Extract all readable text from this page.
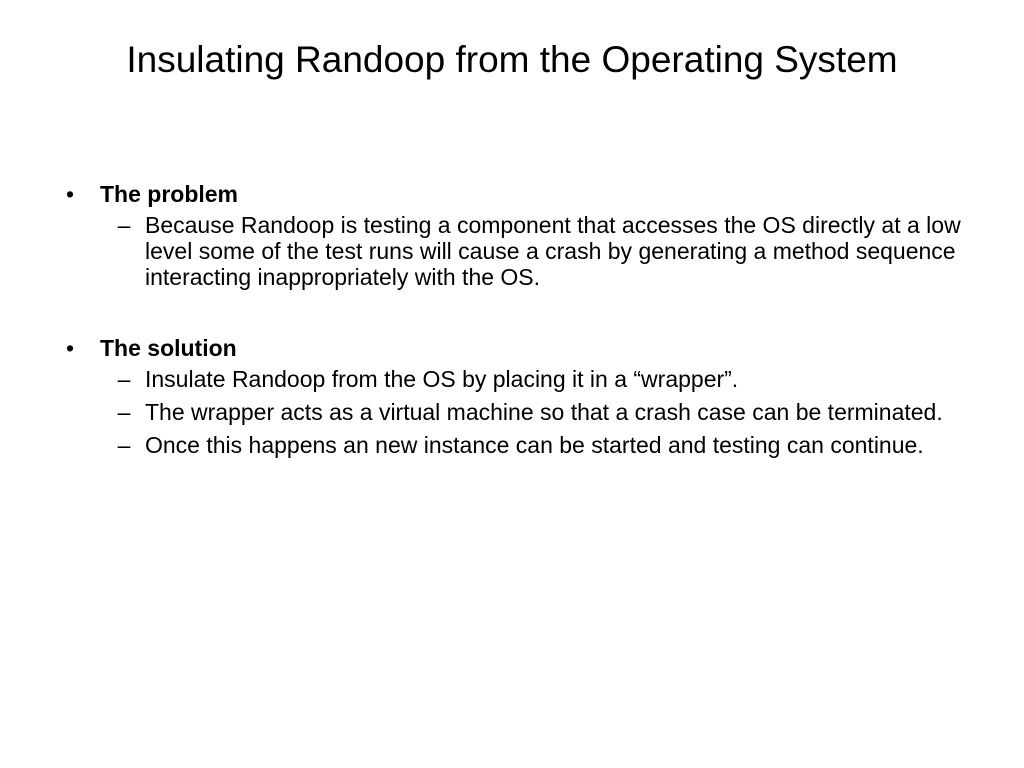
Insulating Randoop from the Operating System
• The problem
– Because Randoop is testing a component that accesses the OS directly at a low level some of the test runs will cause a crash by generating a method sequence interacting inappropriately with the OS.
• The solution
– Insulate Randoop from the OS by placing it in a “wrapper”.
– The wrapper acts as a virtual machine so that a crash case can be terminated.
– Once this happens an new instance can be started and testing can continue.
